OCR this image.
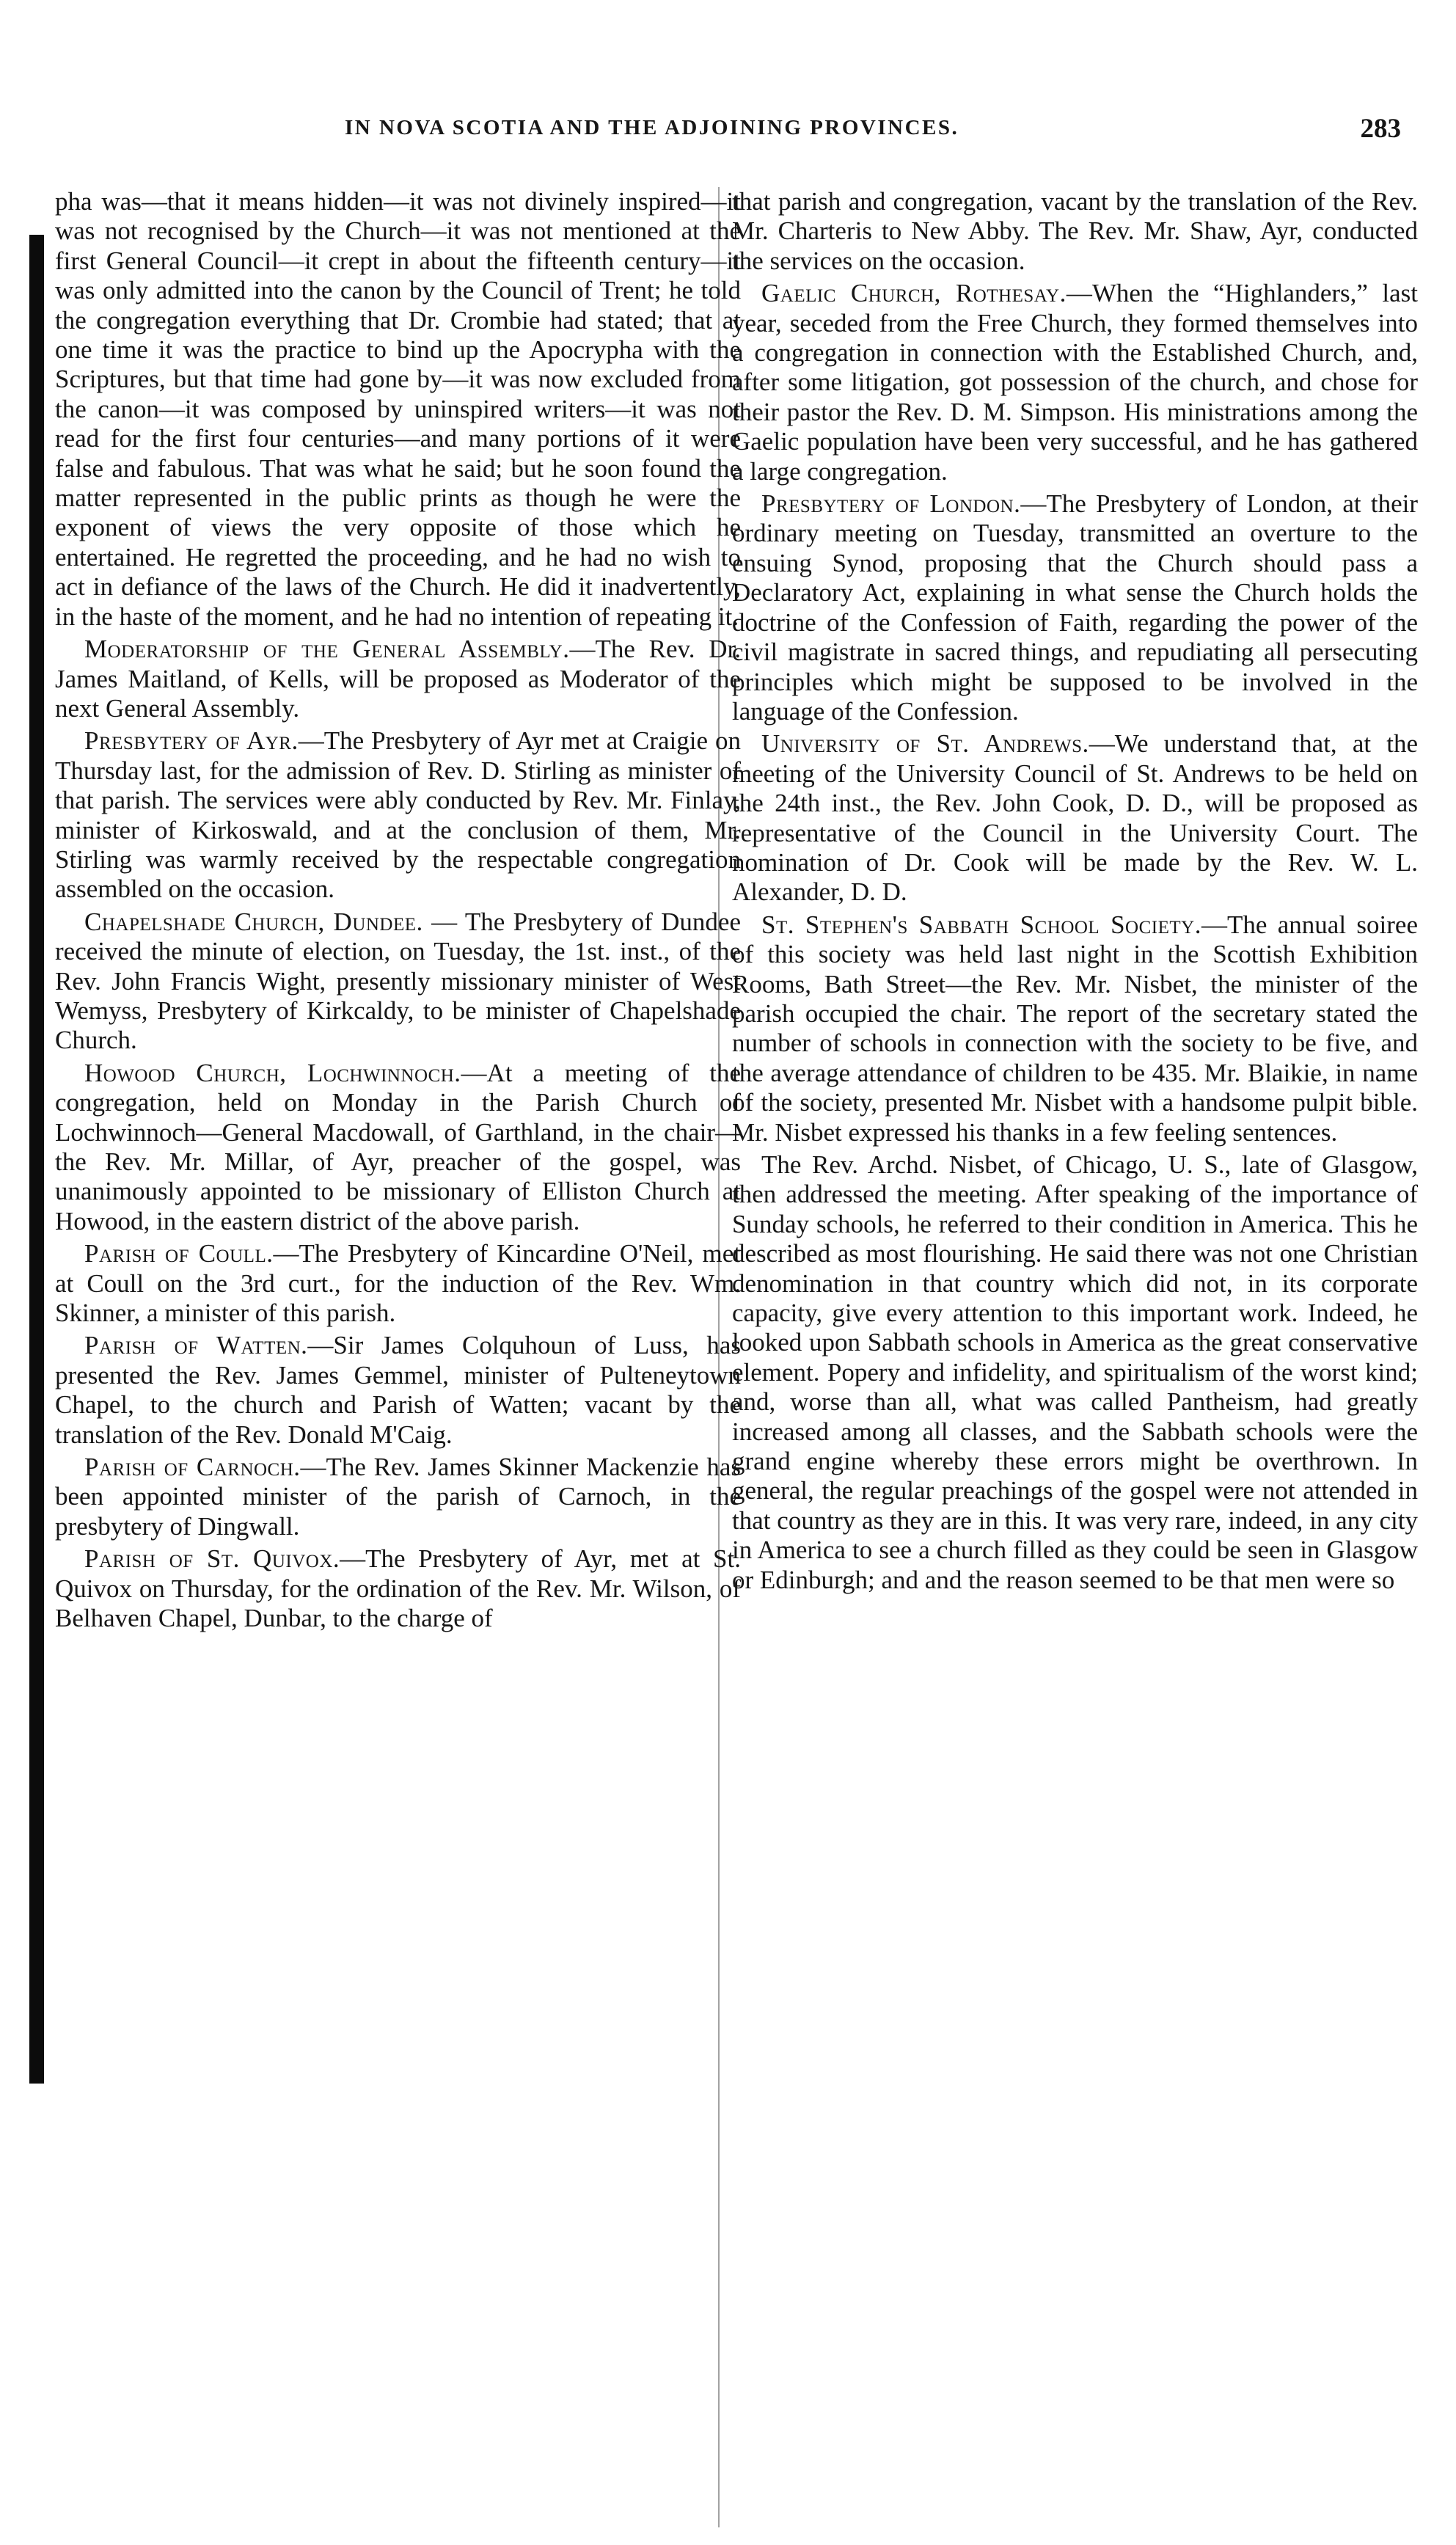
IN NOVA SCOTIA AND THE ADJOINING PROVINCES.	283

pha was—that it means hidden—it was not divinely inspired—it was not recognised by the Church—it was not mentioned at the first General Council—it crept in about the fifteenth century—it was only admitted into the canon by the Council of Trent; he told the congregation everything that Dr. Crombie had stated; that at one time it was the practice to bind up the Apocrypha with the Scriptures, but that time had gone by—it was now excluded from the canon—it was composed by uninspired writers—it was not read for the first four centuries—and many portions of it were false and fabulous. That was what he said; but he soon found the matter represented in the public prints as though he were the exponent of views the very opposite of those which he entertained. He regretted the proceeding, and he had no wish to act in defiance of the laws of the Church. He did it inadvertently, in the haste of the moment, and he had no intention of repeating it.

Moderatorship of the General Assembly.—The Rev. Dr. James Maitland, of Kells, will be proposed as Moderator of the next General Assembly.

Presbytery of Ayr.—The Presbytery of Ayr met at Craigie on Thursday last, for the admission of Rev. D. Stirling as minister of that parish. The services were ably conducted by Rev. Mr. Finlay, minister of Kirkoswald, and at the conclusion of them, Mr. Stirling was warmly received by the respectable congregation assembled on the occasion.

Chapelshade Church, Dundee. — The Presbytery of Dundee received the minute of election, on Tuesday, the 1st. inst., of the Rev. John Francis Wight, presently missionary minister of West Wemyss, Presbytery of Kirkcaldy, to be minister of Chapelshade Church.

Howood Church, Lochwinnoch.—At a meeting of the congregation, held on Monday in the Parish Church of Lochwinnoch—General Macdowall, of Garthland, in the chair—the Rev. Mr. Millar, of Ayr, preacher of the gospel, was unanimously appointed to be missionary of Elliston Church at Howood, in the eastern district of the above parish.

Parish of Coull.—The Presbytery of Kincardine O'Neil, met at Coull on the 3rd curt., for the induction of the Rev. Wm. Skinner, a minister of this parish.

Parish of Watten.—Sir James Colquhoun of Luss, has presented the Rev. James Gemmel, minister of Pulteneytown Chapel, to the church and Parish of Watten; vacant by the translation of the Rev. Donald M'Caig.

Parish of Carnoch.—The Rev. James Skinner Mackenzie has been appointed minister of the parish of Carnoch, in the presbytery of Dingwall.

Parish of St. Quivox.—The Presbytery of Ayr, met at St. Quivox on Thursday, for the ordination of the Rev. Mr. Wilson, of Belhaven Chapel, Dunbar, to the charge of

that parish and congregation, vacant by the translation of the Rev. Mr. Charteris to New Abby. The Rev. Mr. Shaw, Ayr, conducted the services on the occasion.

Gaelic Church, Rothesay.—When the “Highlanders,” last year, seceded from the Free Church, they formed themselves into a congregation in connection with the Established Church, and, after some litigation, got possession of the church, and chose for their pastor the Rev. D. M. Simpson. His ministrations among the Gaelic population have been very successful, and he has gathered a large congregation.

Presbytery of London.—The Presbytery of London, at their ordinary meeting on Tuesday, transmitted an overture to the ensuing Synod, proposing that the Church should pass a Declaratory Act, explaining in what sense the Church holds the doctrine of the Confession of Faith, regarding the power of the civil magistrate in sacred things, and repudiating all persecuting principles which might be supposed to be involved in the language of the Confession.

University of St. Andrews.—We understand that, at the meeting of the University Council of St. Andrews to be held on the 24th inst., the Rev. John Cook, D. D., will be proposed as representative of the Council in the University Court. The nomination of Dr. Cook will be made by the Rev. W. L. Alexander, D. D.

St. Stephen's Sabbath School Society.—The annual soiree of this society was held last night in the Scottish Exhibition Rooms, Bath Street—the Rev. Mr. Nisbet, the minister of the parish occupied the chair. The report of the secretary stated the number of schools in connection with the society to be five, and the average attendance of children to be 435. Mr. Blaikie, in name of the society, presented Mr. Nisbet with a handsome pulpit bible. Mr. Nisbet expressed his thanks in a few feeling sentences.

The Rev. Archd. Nisbet, of Chicago, U. S., late of Glasgow, then addressed the meeting. After speaking of the importance of Sunday schools, he referred to their condition in America. This he described as most flourishing. He said there was not one Christian denomination in that country which did not, in its corporate capacity, give every attention to this important work. Indeed, he looked upon Sabbath schools in America as the great conservative element. Popery and infidelity, and spiritualism of the worst kind; and, worse than all, what was called Pantheism, had greatly increased among all classes, and the Sabbath schools were the grand engine whereby these errors might be overthrown. In general, the regular preachings of the gospel were not attended in that country as they are in this. It was very rare, indeed, in any city in America to see a church filled as they could be seen in Glasgow or Edinburgh; and and the reason seemed to be that men were so
